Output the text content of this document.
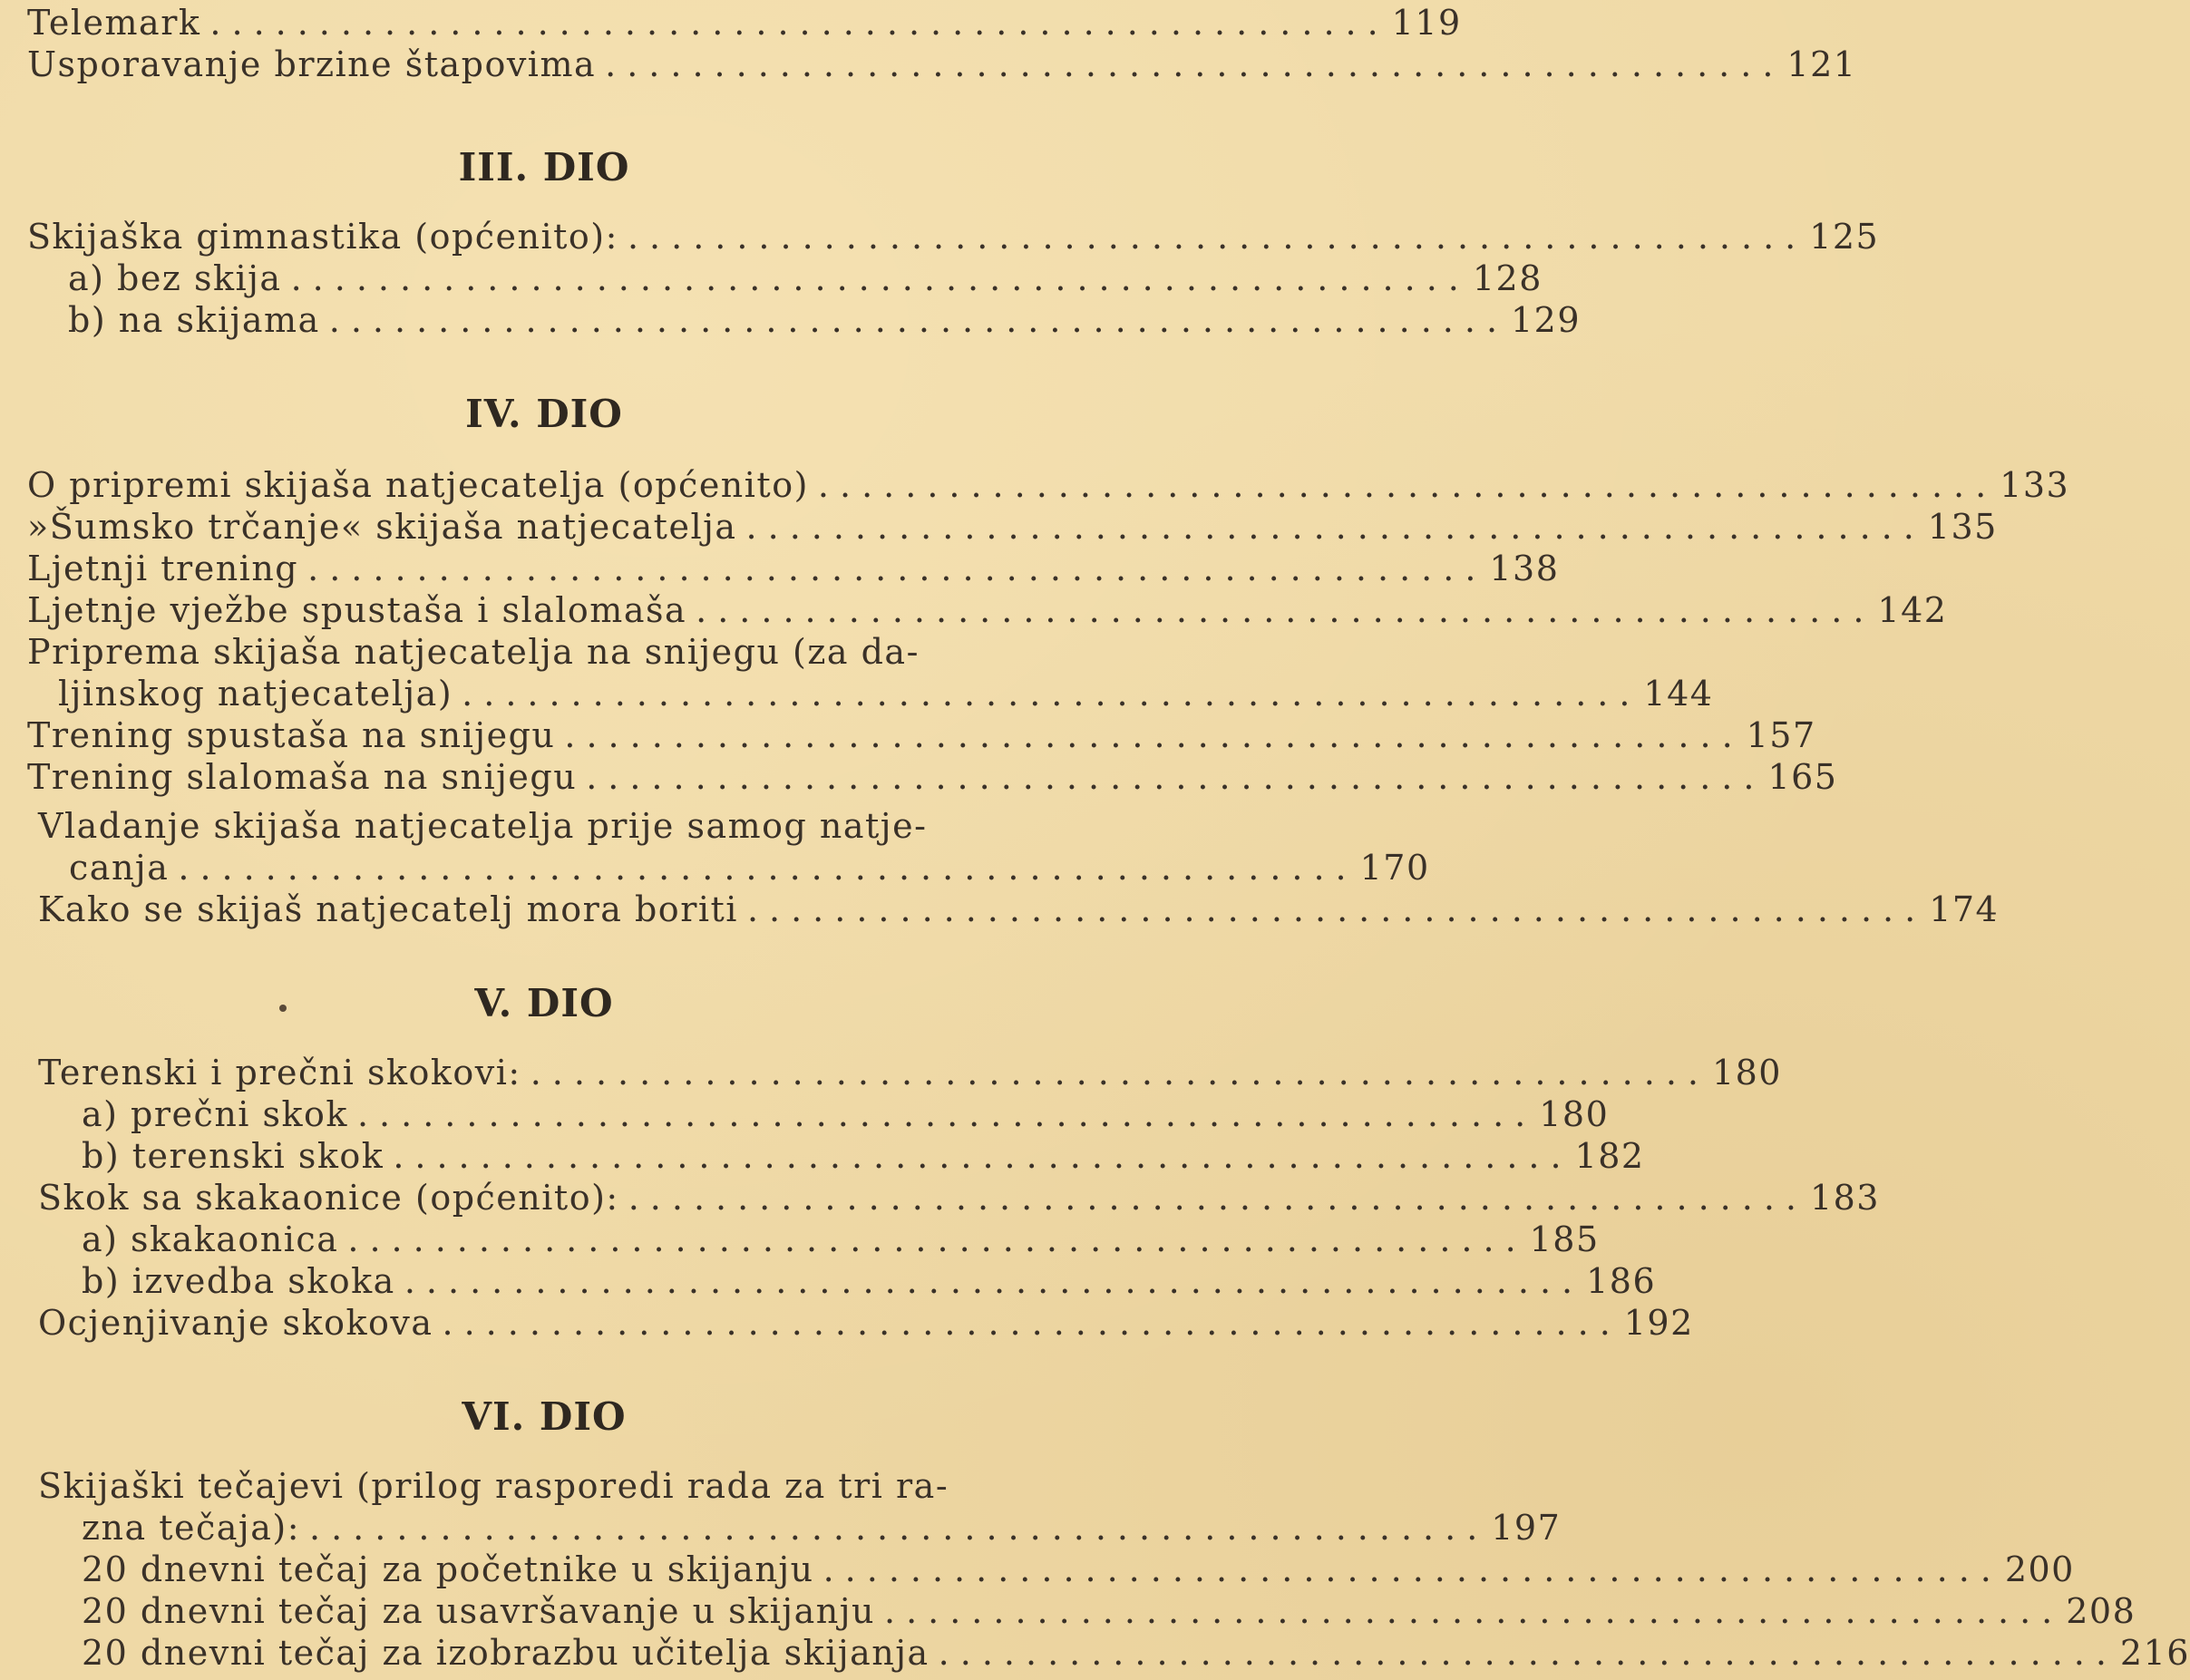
Telemark ...................................................... 119
Usporavanje brzine štapovima ...................................................... 121
III. DIO
Skijaška gimnastika (općenito): ...................................................... 125
a) bez skija ...................................................... 128
b) na skijama ...................................................... 129
IV. DIO
O pripremi skijaša natjecatelja (općenito) ...................................................... 133
»Šumsko trčanje« skijaša natjecatelja ...................................................... 135
Ljetnji trening ...................................................... 138
Ljetnje vježbe spustaša i slalomaša ...................................................... 142
Priprema skijaša natjecatelja na snijegu (za da-
ljinskog natjecatelja) ...................................................... 144
Trening spustaša na snijegu ...................................................... 157
Trening slalomaša na snijegu ...................................................... 165
Vladanje skijaša natjecatelja prije samog natje-
canja ...................................................... 170
Kako se skijaš natjecatelj mora boriti ...................................................... 174
V. DIO
Terenski i prečni skokovi: ...................................................... 180
a) prečni skok ...................................................... 180
b) terenski skok ...................................................... 182
Skok sa skakaonice (općenito): ...................................................... 183
a) skakaonica ...................................................... 185
b) izvedba skoka ...................................................... 186
Ocjenjivanje skokova ...................................................... 192
VI. DIO
Skijaški tečajevi (prilog rasporedi rada za tri ra-
zna tečaja): ...................................................... 197
20 dnevni tečaj za početnike u skijanju ...................................................... 200
20 dnevni tečaj za usavršavanje u skijanju ...................................................... 208
20 dnevni tečaj za izobrazbu učitelja skijanja ...................................................... 216
